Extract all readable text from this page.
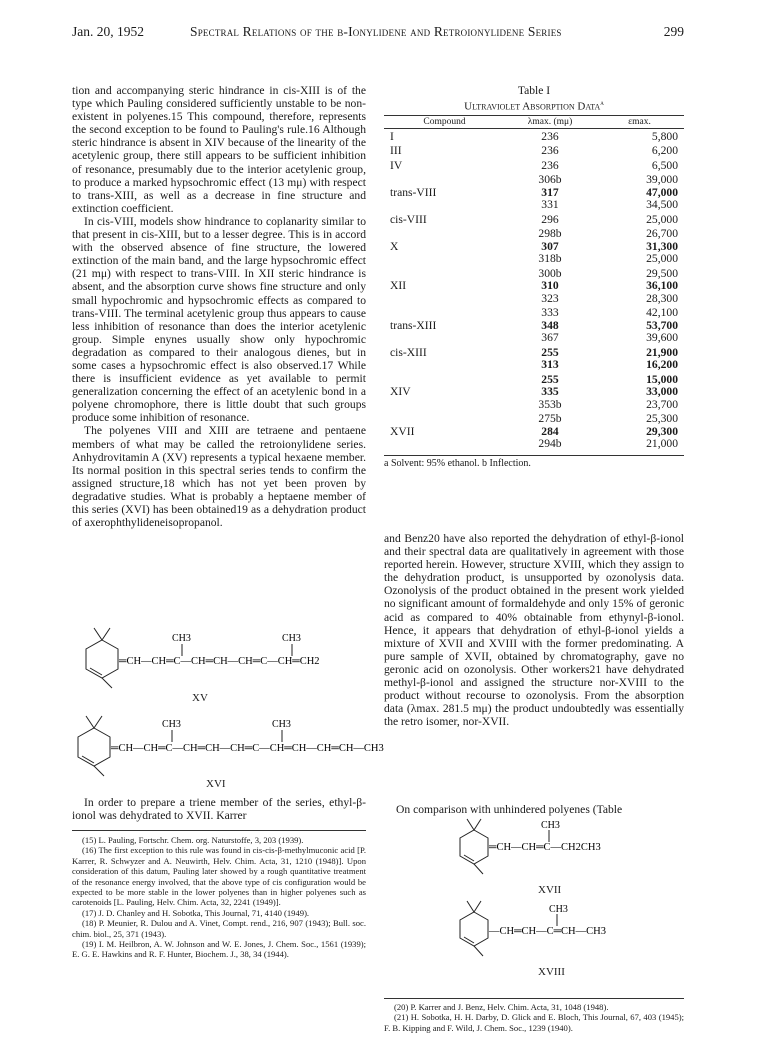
Jan. 20, 1952	Spectral Relations of the β-Ionylidene and Retroionylidene Series	299

tion and accompanying steric hindrance in cis-XIII is of the type which Pauling considered sufficiently unstable to be non-existent in polyenes.15 This compound, therefore, represents the second exception to be found to Pauling's rule.16 Although steric hindrance is absent in XIV because of the linearity of the acetylenic group, there still appears to be sufficient inhibition of resonance, presumably due to the interior acetylenic group, to produce a marked hypsochromic effect (13 mμ) with respect to trans-XIII, as well as a decrease in fine structure and extinction coefficient.

In cis-VIII, models show hindrance to coplanarity similar to that present in cis-XIII, but to a lesser degree. This is in accord with the observed absence of fine structure, the lowered extinction of the main band, and the large hypsochromic effect (21 mμ) with respect to trans-VIII. In XII steric hindrance is absent, and the absorption curve shows fine structure and only small hypochromic and hypsochromic effects as compared to trans-VIII. The terminal acetylenic group thus appears to cause less inhibition of resonance than does the interior acetylenic group. Simple enynes usually show only hypochromic degradation as compared to their analogous dienes, but in some cases a hypsochromic effect is also observed.17 While there is insufficient evidence as yet available to permit generalization concerning the effect of an acetylenic bond in a polyene chromophore, there is little doubt that such groups produce some inhibition of resonance.

The polyenes VIII and XIII are tetraene and pentaene members of what may be called the retroionylidene series. Anhydrovitamin A (XV) represents a typical hexaene member. Its normal position in this spectral series tends to confirm the assigned structure,18 which has not yet been proven by degradative studies. What is probably a heptaene member of this series (XVI) has been obtained19 as a dehydration product of axerophthylideneisopropanol.

CH3	CH3
═CH—CH═C—CH═CH—CH═C—CH═CH2
XV
CH3	CH3
═CH—CH═C—CH═CH—CH═C—CH═CH—CH═CH—CH3
XVI

In order to prepare a triene member of the series, ethyl-β-ionol was dehydrated to XVII. Karrer

(15) L. Pauling, Fortschr. Chem. org. Naturstoffe, 3, 203 (1939).

(16) The first exception to this rule was found in cis-cis-β-methylmuconic acid [P. Karrer, R. Schwyzer and A. Neuwirth, Helv. Chim. Acta, 31, 1210 (1948)]. Upon consideration of this datum, Pauling later showed by a rough quantitative treatment of the resonance energy involved, that the above type of cis configuration would be expected to be more stable in the lower polyenes than in higher polyenes such as carotenoids [L. Pauling, Helv. Chim. Acta, 32, 2241 (1949)].

(17) J. D. Chanley and H. Sobotka, This Journal, 71, 4140 (1949).

(18) P. Meunier, R. Dulou and A. Vinet, Compt. rend., 216, 907 (1943); Bull. soc. chim. biol., 25, 371 (1943).

(19) I. M. Heilbron, A. W. Johnson and W. E. Jones, J. Chem. Soc., 1561 (1939); E. G. E. Hawkins and R. F. Hunter, Biochem. J., 38, 34 (1944).

Table I
Ultraviolet Absorption Data$^a$
Compound	λmax. (mμ)	εmax.
I	236	5,800
III	236	6,200
IV	236	6,500
	306b	39,000
trans-VIII	317	47,000
	331	34,500
cis-VIII	296	25,000
	298b	26,700
X	307	31,300
	318b	25,000
	300b	29,500
XII	310	36,100
	323	28,300
	333	42,100
trans-XIII	348	53,700
	367	39,600
cis-XIII	255	21,900
	313	16,200
	255	15,000
XIV	335	33,000
	353b	23,700
	275b	25,300
XVII	284	29,300
	294b	21,000
a Solvent: 95% ethanol. b Inflection.

and Benz20 have also reported the dehydration of ethyl-β-ionol and their spectral data are qualitatively in agreement with those reported herein. However, structure XVIII, which they assign to the dehydration product, is unsupported by ozonolysis data. Ozonolysis of the product obtained in the present work yielded no significant amount of formaldehyde and only 15% of geronic acid as compared to 40% obtainable from ethynyl-β-ionol. Hence, it appears that dehydration of ethyl-β-ionol yields a mixture of XVII and XVIII with the former predominating. A pure sample of XVII, obtained by chromatography, gave no geronic acid on ozonolysis. Other workers21 have dehydrated methyl-β-ionol and assigned the structure nor-XVIII to the product without recourse to ozonolysis. From the absorption data (λmax. 281.5 mμ) the product undoubtedly was essentially the retro isomer, nor-XVII.

On comparison with unhindered polyenes (Table

CH3
═CH—CH═C—CH2CH3
XVII
CH3
—CH═CH—C═CH—CH3
XVIII

(20) P. Karrer and J. Benz, Helv. Chim. Acta, 31, 1048 (1948).

(21) H. Sobotka, H. H. Darby, D. Glick and E. Bloch, This Journal, 67, 403 (1945); F. B. Kipping and F. Wild, J. Chem. Soc., 1239 (1940).
